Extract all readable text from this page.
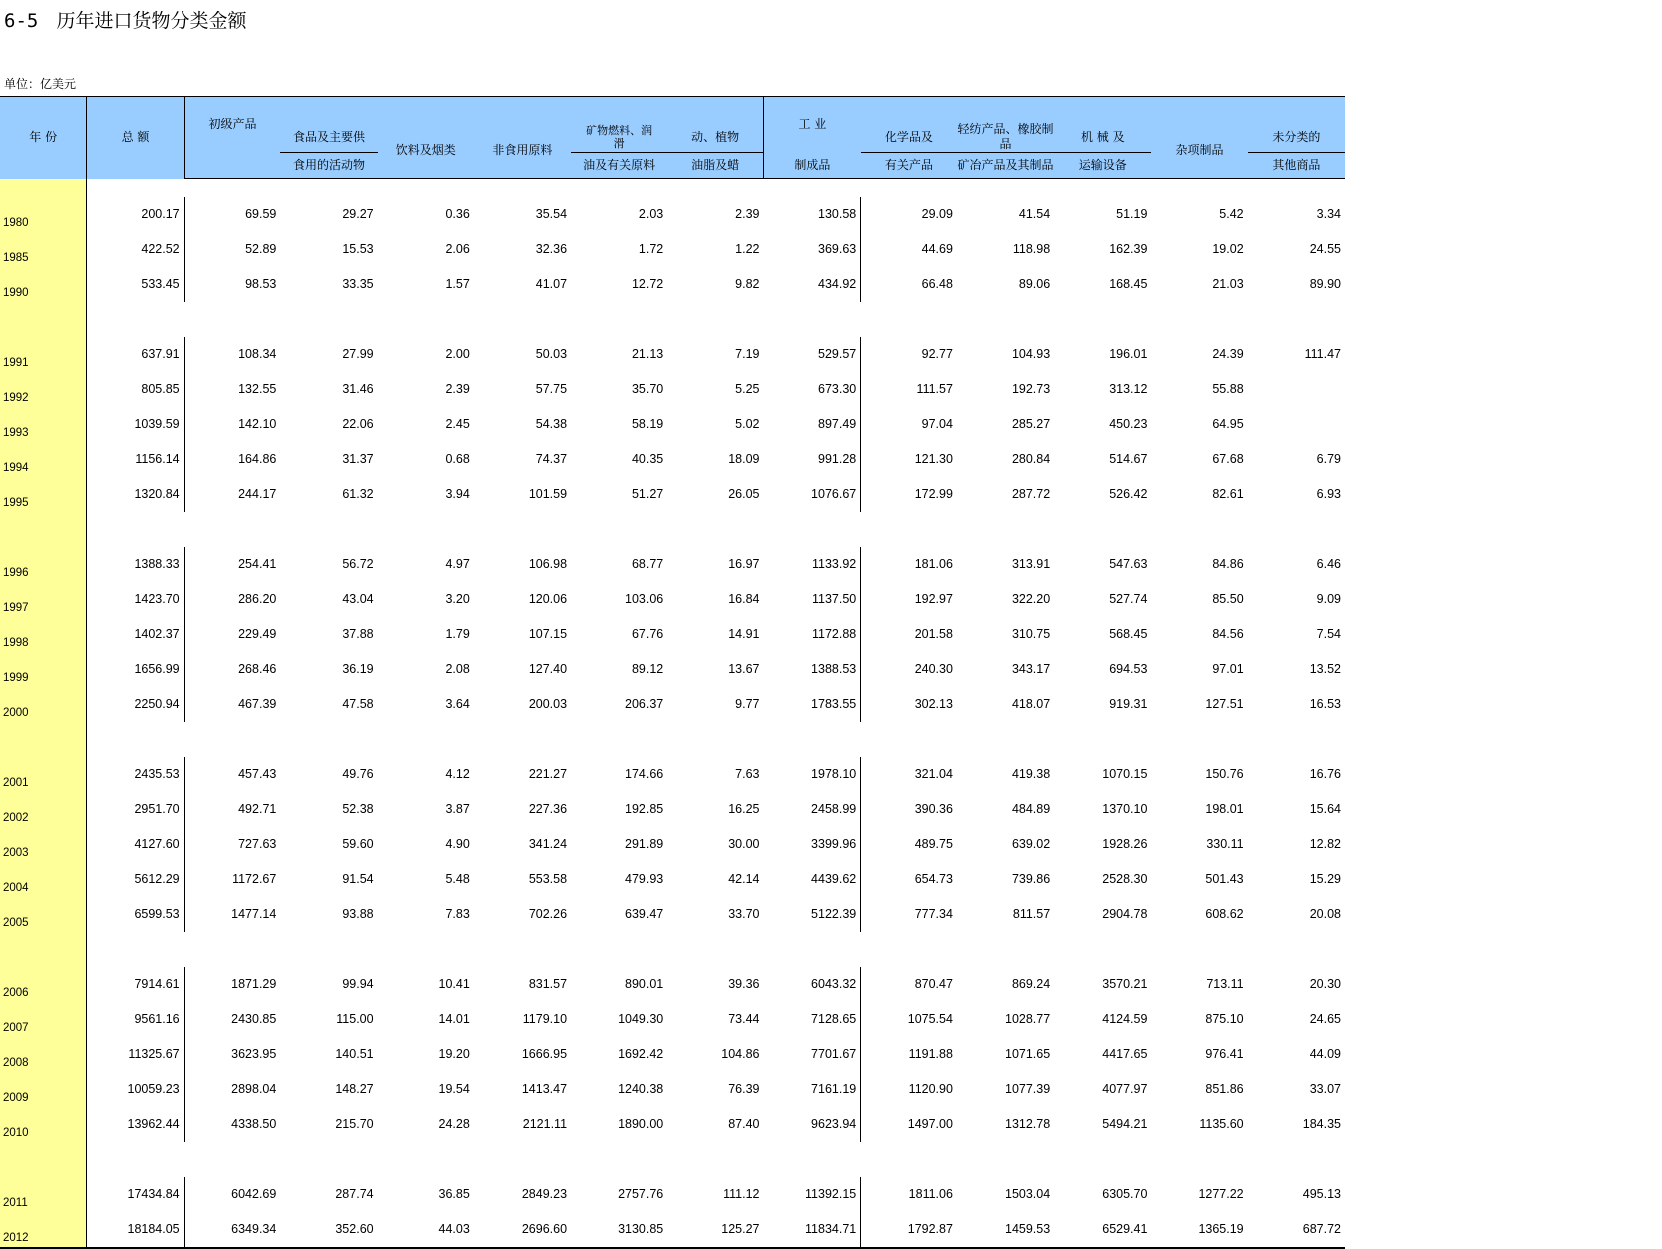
6-5 历年进口货物分类金额
单位：亿美元
年 份	总 额	初级产品						工 业					
			食品及主要供	饮料及烟类	非食用原料	矿物燃料、润
滑	动、植物		化学品及	轻纺产品、橡胶制品	机 械 及	杂项制品	未分类的
			食用的活动物			油及有关原料	油脂及蜡	制成品	有关产品	矿冶产品及其制品	运输设备		其他商品

1980	200.17	69.59	29.27	0.36	35.54	2.03	2.39	130.58	29.09	41.54	51.19	5.42	3.34
1985	422.52	52.89	15.53	2.06	32.36	1.72	1.22	369.63	44.69	118.98	162.39	19.02	24.55
1990	533.45	98.53	33.35	1.57	41.07	12.72	9.82	434.92	66.48	89.06	168.45	21.03	89.90

1991	637.91	108.34	27.99	2.00	50.03	21.13	7.19	529.57	92.77	104.93	196.01	24.39	111.47
1992	805.85	132.55	31.46	2.39	57.75	35.70	5.25	673.30	111.57	192.73	313.12	55.88	
1993	1039.59	142.10	22.06	2.45	54.38	58.19	5.02	897.49	97.04	285.27	450.23	64.95	
1994	1156.14	164.86	31.37	0.68	74.37	40.35	18.09	991.28	121.30	280.84	514.67	67.68	6.79
1995	1320.84	244.17	61.32	3.94	101.59	51.27	26.05	1076.67	172.99	287.72	526.42	82.61	6.93

1996	1388.33	254.41	56.72	4.97	106.98	68.77	16.97	1133.92	181.06	313.91	547.63	84.86	6.46
1997	1423.70	286.20	43.04	3.20	120.06	103.06	16.84	1137.50	192.97	322.20	527.74	85.50	9.09
1998	1402.37	229.49	37.88	1.79	107.15	67.76	14.91	1172.88	201.58	310.75	568.45	84.56	7.54
1999	1656.99	268.46	36.19	2.08	127.40	89.12	13.67	1388.53	240.30	343.17	694.53	97.01	13.52
2000	2250.94	467.39	47.58	3.64	200.03	206.37	9.77	1783.55	302.13	418.07	919.31	127.51	16.53

2001	2435.53	457.43	49.76	4.12	221.27	174.66	7.63	1978.10	321.04	419.38	1070.15	150.76	16.76
2002	2951.70	492.71	52.38	3.87	227.36	192.85	16.25	2458.99	390.36	484.89	1370.10	198.01	15.64
2003	4127.60	727.63	59.60	4.90	341.24	291.89	30.00	3399.96	489.75	639.02	1928.26	330.11	12.82
2004	5612.29	1172.67	91.54	5.48	553.58	479.93	42.14	4439.62	654.73	739.86	2528.30	501.43	15.29
2005	6599.53	1477.14	93.88	7.83	702.26	639.47	33.70	5122.39	777.34	811.57	2904.78	608.62	20.08

2006	7914.61	1871.29	99.94	10.41	831.57	890.01	39.36	6043.32	870.47	869.24	3570.21	713.11	20.30
2007	9561.16	2430.85	115.00	14.01	1179.10	1049.30	73.44	7128.65	1075.54	1028.77	4124.59	875.10	24.65
2008	11325.67	3623.95	140.51	19.20	1666.95	1692.42	104.86	7701.67	1191.88	1071.65	4417.65	976.41	44.09
2009	10059.23	2898.04	148.27	19.54	1413.47	1240.38	76.39	7161.19	1120.90	1077.39	4077.97	851.86	33.07
2010	13962.44	4338.50	215.70	24.28	2121.11	1890.00	87.40	9623.94	1497.00	1312.78	5494.21	1135.60	184.35

2011	17434.84	6042.69	287.74	36.85	2849.23	2757.76	111.12	11392.15	1811.06	1503.04	6305.70	1277.22	495.13
2012	18184.05	6349.34	352.60	44.03	2696.60	3130.85	125.27	11834.71	1792.87	1459.53	6529.41	1365.19	687.72
